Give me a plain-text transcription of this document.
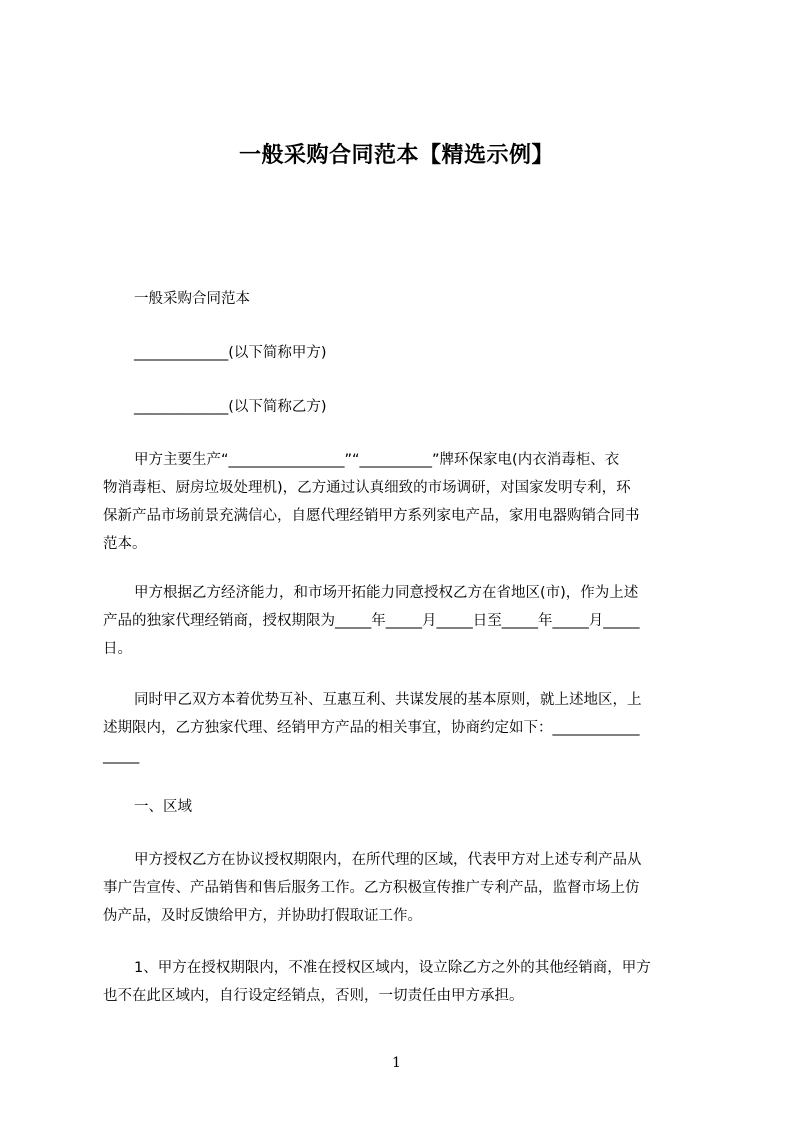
一般采购合同范本【精选示例】
一般采购合同范本
_____________(以下简称甲方)
_____________(以下简称乙方)
甲方主要生产“________________”“__________”牌环保家电(内衣消毒柜、衣
物消毒柜、厨房垃圾处理机)，乙方通过认真细致的市场调研，对国家发明专利，环
保新产品市场前景充满信心，自愿代理经销甲方系列家电产品，家用电器购销合同书
范本。
甲方根据乙方经济能力，和市场开拓能力同意授权乙方在省地区(市)，作为上述
产品的独家代理经销商，授权期限为_____年_____月_____日至_____年_____月_____
日。
同时甲乙双方本着优势互补、互惠互利、共谋发展的基本原则，就上述地区，上
述期限内，乙方独家代理、经销甲方产品的相关事宜，协商约定如下：____________
_____
一、区域
甲方授权乙方在协议授权期限内，在所代理的区域，代表甲方对上述专利产品从
事广告宣传、产品销售和售后服务工作。乙方积极宣传推广专利产品，监督市场上仿
伪产品，及时反馈给甲方，并协助打假取证工作。
1、甲方在授权期限内，不准在授权区域内，设立除乙方之外的其他经销商，甲方
也不在此区域内，自行设定经销点，否则，一切责任由甲方承担。
1
